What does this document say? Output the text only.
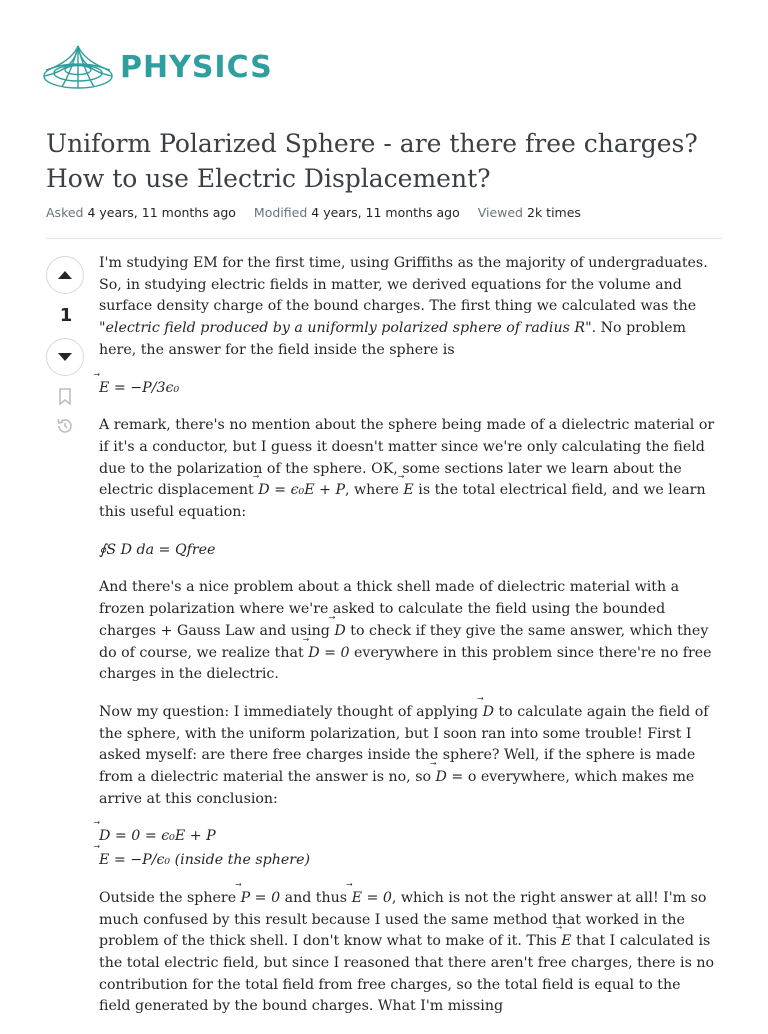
PHYSICS
Uniform Polarized Sphere - are there free charges? How to use Electric Displacement?
Asked 4 years, 11 months ago Modified 4 years, 11 months ago Viewed 2k times
1

I'm studying EM for the first time, using Griffiths as the majority of undergraduates. So, in studying electric fields in matter, we derived equations for the volume and surface density charge of the bound charges. The first thing we calculated was the "electric field produced by a uniformly polarized sphere of radius R". No problem here, the answer for the field inside the sphere is

⃗ E = −P/3ϵ₀

A remark, there's no mention about the sphere being made of a dielectric material or if it's a conductor, but I guess it doesn't matter since we're only calculating the field due to the polarization of the sphere. OK, some sections later we learn about the electric displacement ⃗ D = ϵ₀E + P, where ⃗ E is the total electrical field, and we learn this useful equation:

∮S D da = Qfree

And there's a nice problem about a thick shell made of dielectric material with a frozen polarization where we're asked to calculate the field using the bounded charges + Gauss Law and using ⃗ D to check if they give the same answer, which they do of course, we realize that ⃗ D = 0 everywhere in this problem since there're no free charges in the dielectric.

Now my question: I immediately thought of applying ⃗ D to calculate again the field of the sphere, with the uniform polarization, but I soon ran into some trouble! First I asked myself: are there free charges inside the sphere? Well, if the sphere is made from a dielectric material the answer is no, so ⃗ D = o everywhere, which makes me arrive at this conclusion:

⃗ D = 0 = ϵ₀E + P

⃗ E = −P/ϵ₀ (inside the sphere)

Outside the sphere ⃗ P = 0 and thus ⃗ E = 0, which is not the right answer at all! I'm so much confused by this result because I used the same method that worked in the problem of the thick shell. I don't know what to make of it. This ⃗ E that I calculated is the total electric field, but since I reasoned that there aren't free charges, there is no contribution for the total field from free charges, so the total field is equal to the field generated by the bound charges. What I'm missing
